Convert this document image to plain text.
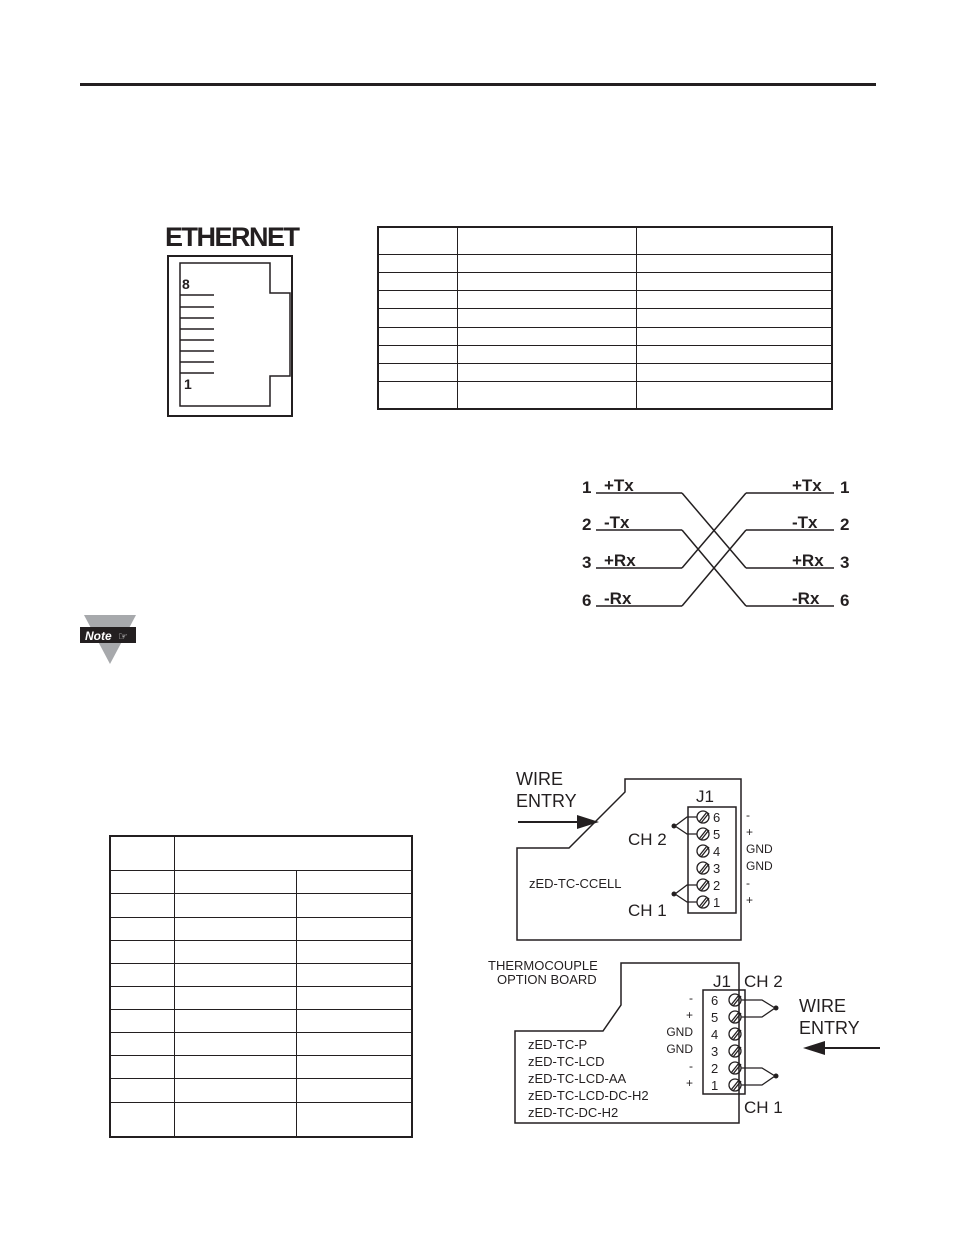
ETHERNET
8
1

1 +Tx	+Tx 1
2 -Tx	-Tx 2
3 +Rx	+Rx 3
6 -Rx	-Rx 6
Note ☞

WIRE
ENTRY	J1
6
5
4
3
2
1
-
+
GND
GND
-
+
CH 2
CH 1
zED-TC-CCELL
THERMOCOUPLE
OPTION BOARD	J1 CH 2
6
5
4
3
2
1
-
+
GND
GND
-
+
CH 1
WIRE
ENTRY
zED-TC-P
zED-TC-LCD
zED-TC-LCD-AA
zED-TC-LCD-DC-H2
zED-TC-DC-H2
